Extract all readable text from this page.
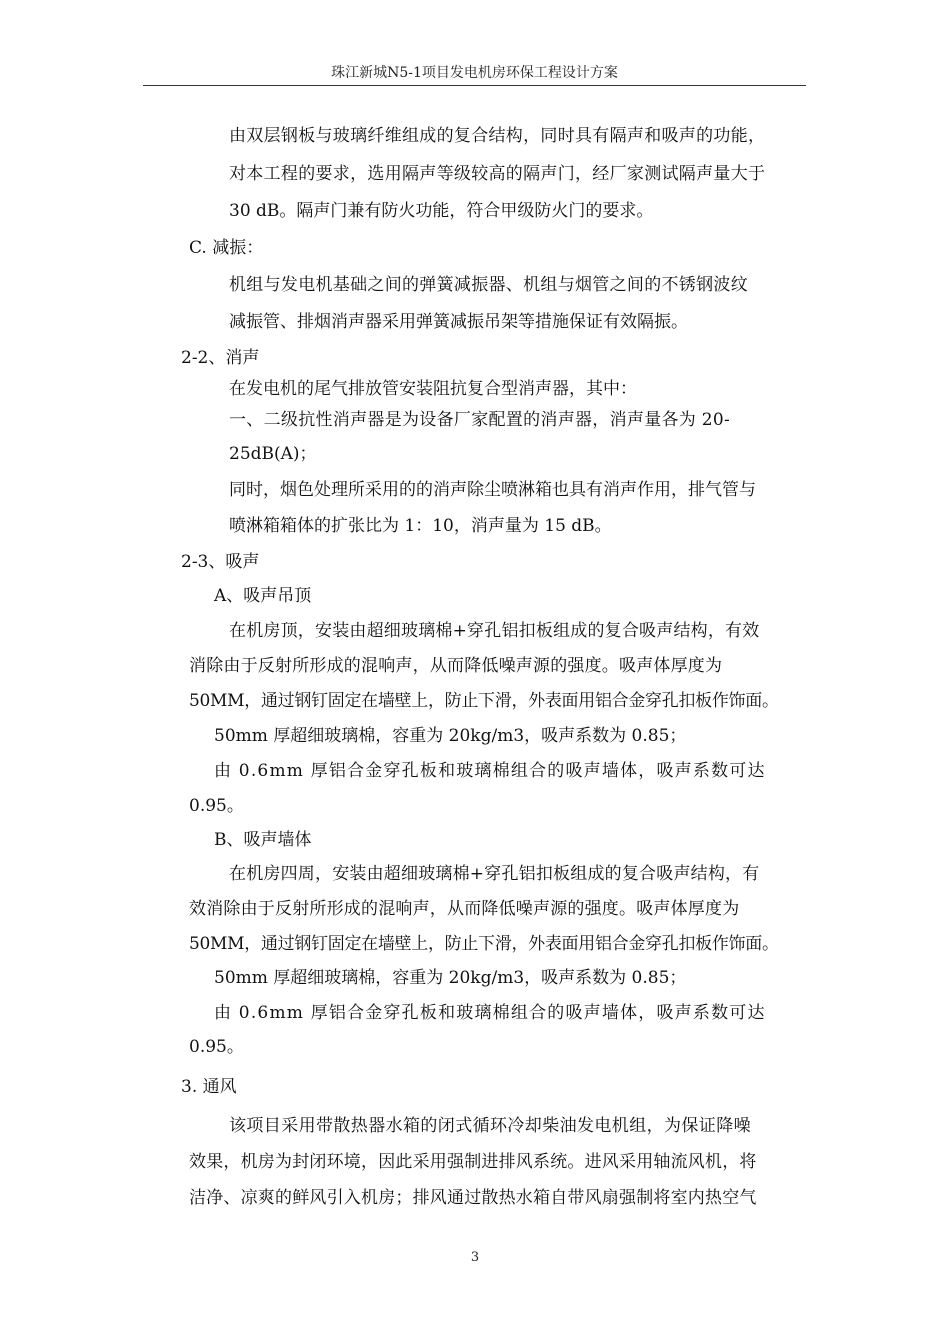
珠江新城N5-1项目发电机房环保工程设计方案
由双层钢板与玻璃纤维组成的复合结构，同时具有隔声和吸声的功能，
对本工程的要求，选用隔声等级较高的隔声门，经厂家测试隔声量大于
30 dB。隔声门兼有防火功能，符合甲级防火门的要求。
C. 减振：
机组与发电机基础之间的弹簧减振器、机组与烟管之间的不锈钢波纹
减振管、排烟消声器采用弹簧减振吊架等措施保证有效隔振。
2-2、消声
在发电机的尾气排放管安装阻抗复合型消声器，其中：
一、二级抗性消声器是为设备厂家配置的消声器，消声量各为 20-
25dB(A)；
同时，烟色处理所采用的的消声除尘喷淋箱也具有消声作用，排气管与
喷淋箱箱体的扩张比为 1：10，消声量为 15 dB。
2-3、吸声
A、吸声吊顶
在机房顶，安装由超细玻璃棉+穿孔铝扣板组成的复合吸声结构，有效
消除由于反射所形成的混响声，从而降低噪声源的强度。吸声体厚度为
50MM，通过钢钉固定在墙壁上，防止下滑，外表面用铝合金穿孔扣板作饰面。
50mm 厚超细玻璃棉，容重为 20kg/m3，吸声系数为 0.85；
由 0.6mm 厚铝合金穿孔板和玻璃棉组合的吸声墙体，吸声系数可达
0.95。
B、吸声墙体
在机房四周，安装由超细玻璃棉+穿孔铝扣板组成的复合吸声结构，有
效消除由于反射所形成的混响声，从而降低噪声源的强度。吸声体厚度为
50MM，通过钢钉固定在墙壁上，防止下滑，外表面用铝合金穿孔扣板作饰面。
50mm 厚超细玻璃棉，容重为 20kg/m3，吸声系数为 0.85；
由 0.6mm 厚铝合金穿孔板和玻璃棉组合的吸声墙体，吸声系数可达
0.95。
3. 通风
该项目采用带散热器水箱的闭式循环冷却柴油发电机组，为保证降噪
效果，机房为封闭环境，因此采用强制进排风系统。进风采用轴流风机，将
洁净、凉爽的鲜风引入机房；排风通过散热水箱自带风扇强制将室内热空气
3
